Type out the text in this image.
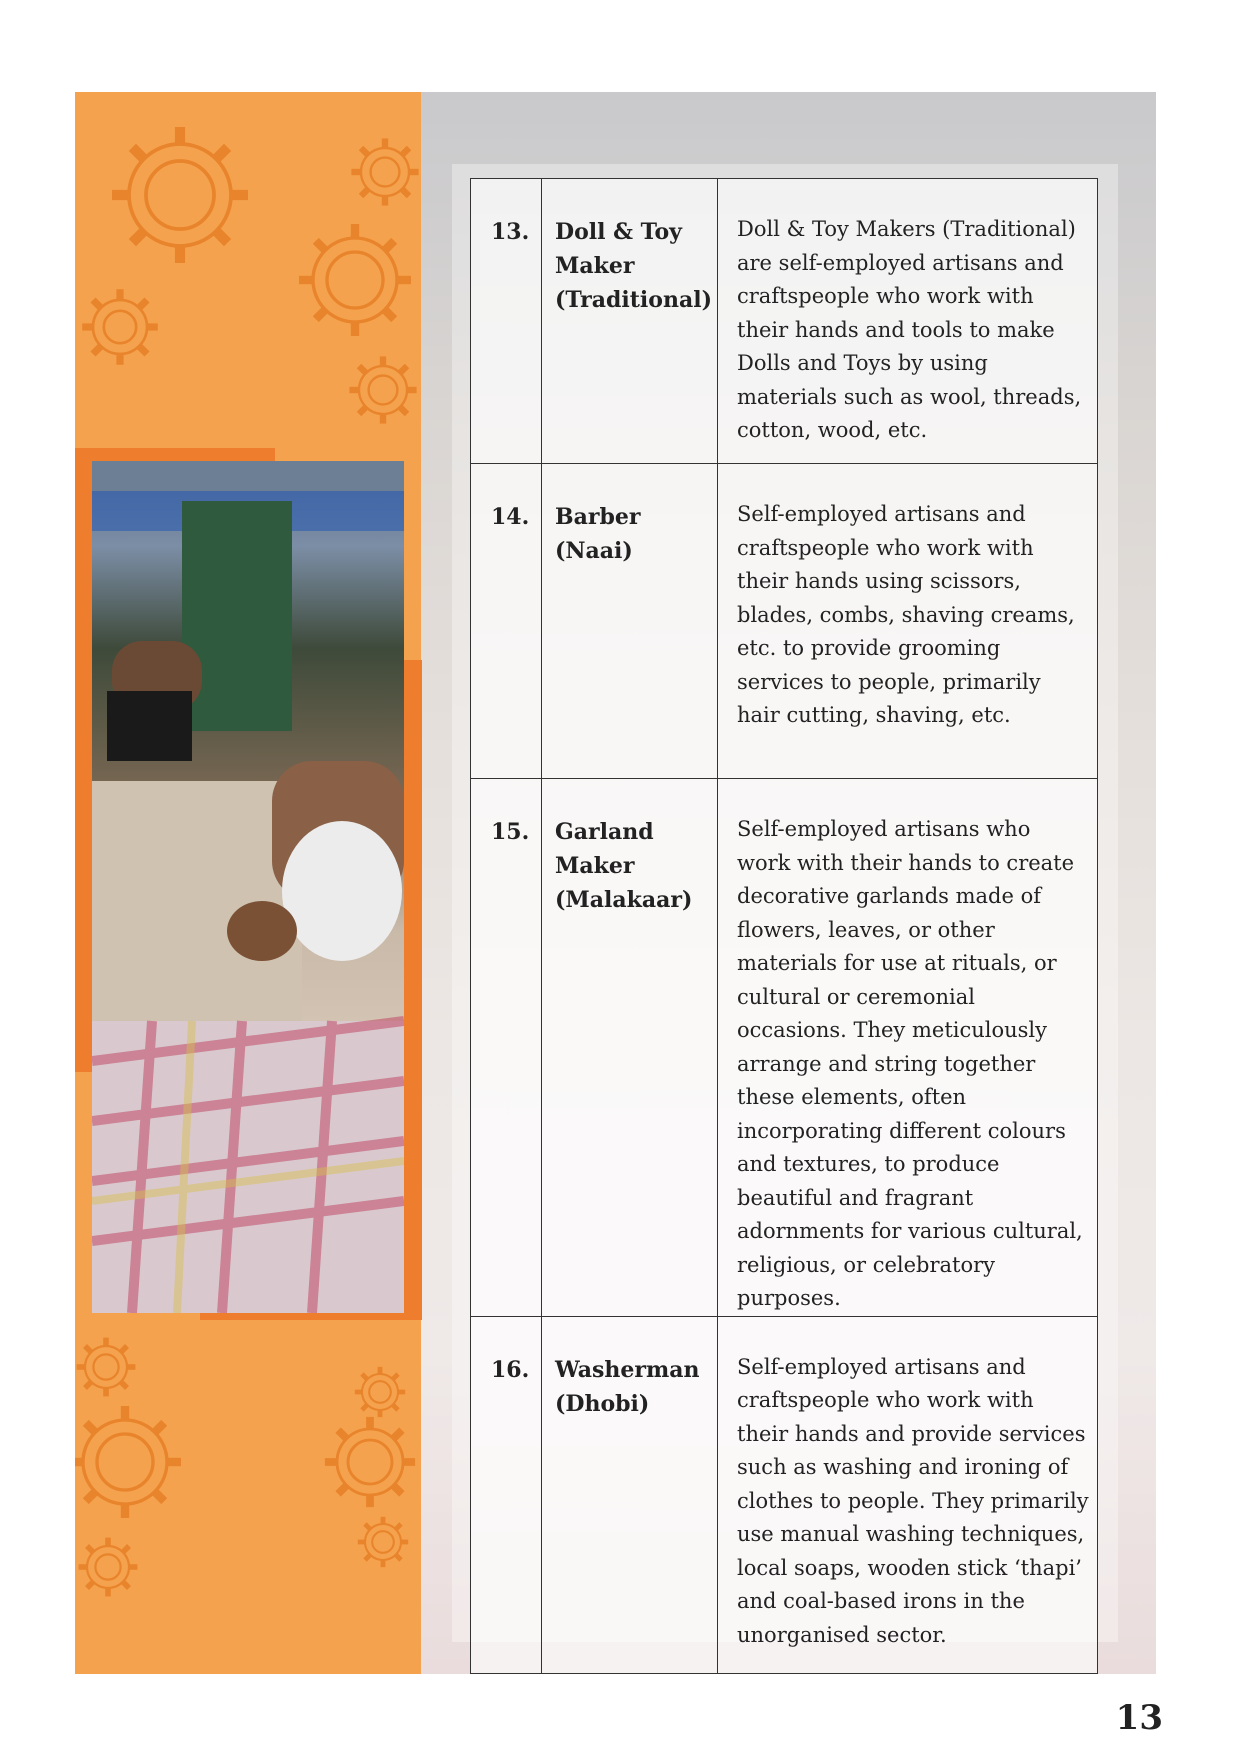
13.	Doll & Toy Maker (Traditional)	Doll & Toy Makers (Traditional) are self-employed artisans and craftspeople who work with their hands and tools to make Dolls and Toys by using materials such as wool, threads, cotton, wood, etc.
14.	Barber (Naai)	Self-employed artisans and craftspeople who work with their hands using scissors, blades, combs, shaving creams, etc. to provide grooming services to people, primarily hair cutting, shaving, etc.
15.	Garland Maker (Malakaar)	Self-employed artisans who work with their hands to create decorative garlands made of flowers, leaves, or other materials for use at rituals, or cultural or ceremonial occasions. They meticulously arrange and string together these elements, often incorporating different colours and textures, to produce beautiful and fragrant adornments for various cultural, religious, or celebratory purposes.
16.	Washerman (Dhobi)	Self-employed artisans and craftspeople who work with their hands and provide services such as washing and ironing of clothes to people. They primarily use manual washing techniques, local soaps, wooden stick ‘thapi’ and coal-based irons in the unorganised sector.
13
